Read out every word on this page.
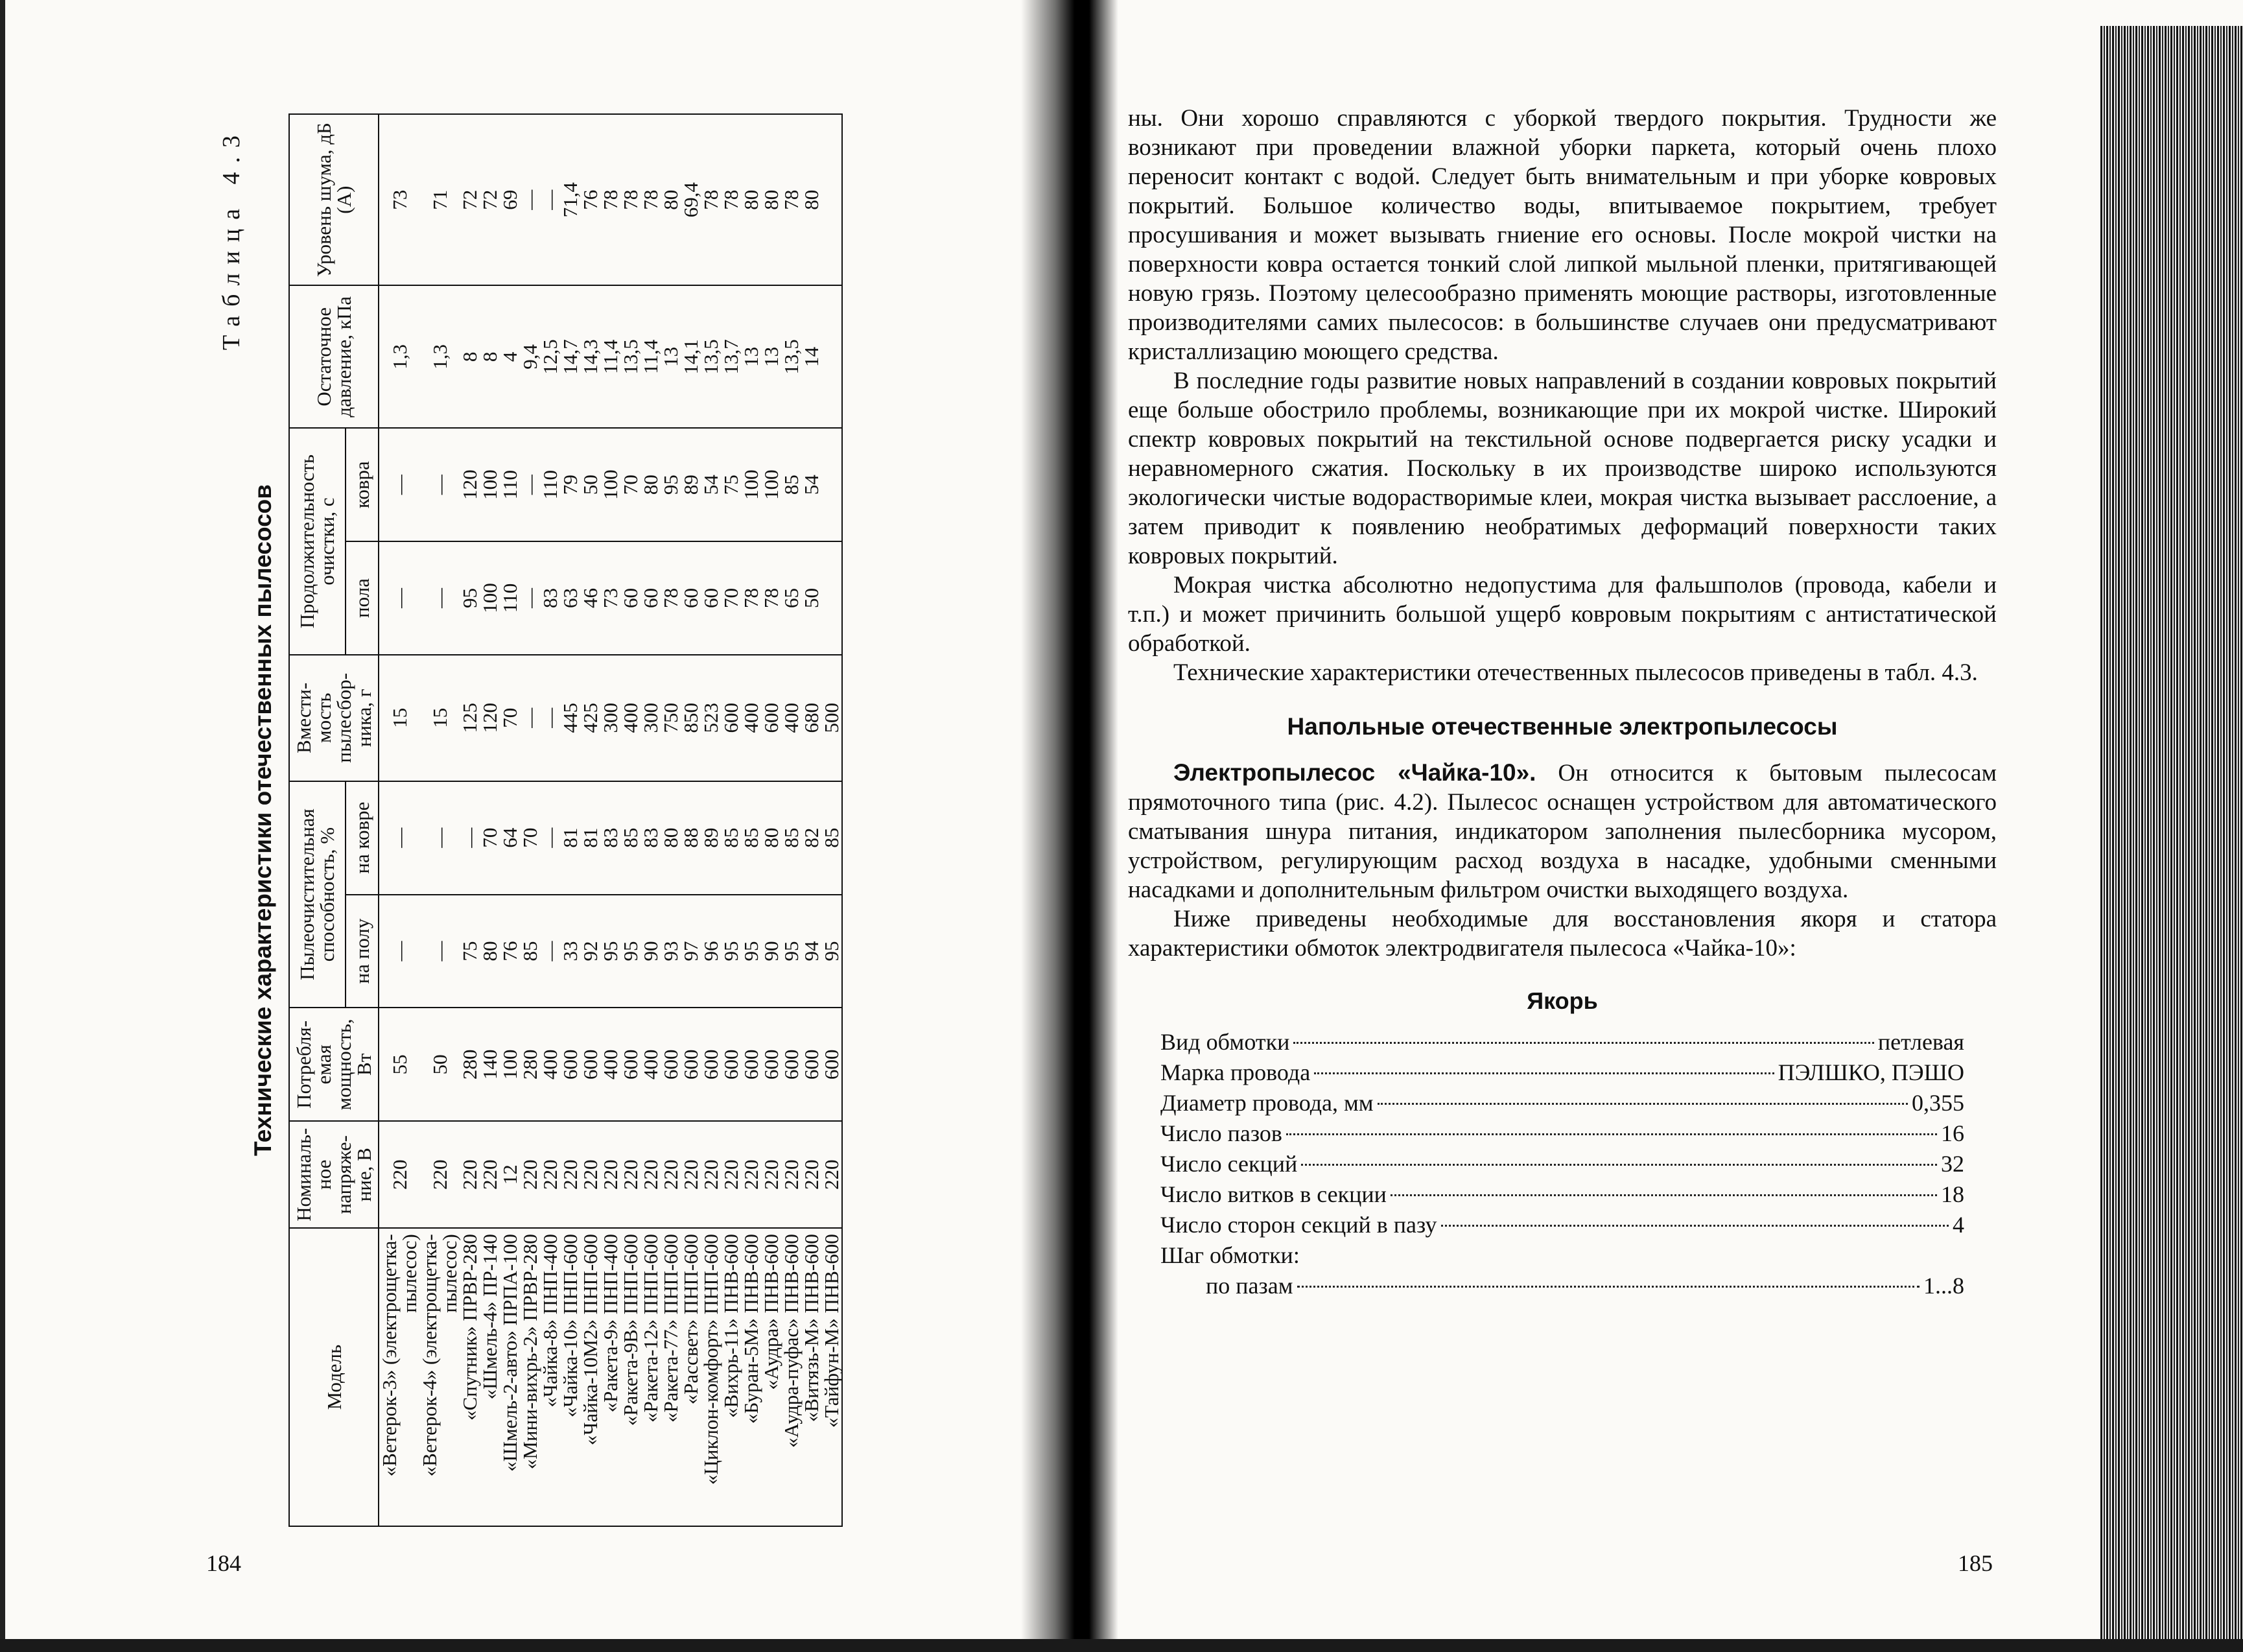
184
Таблица 4.3
Технические характеристики отечественных пылесосов
Модель	Номиналь-ное напряже-ние, В	Потребля-емая мощность, Вт	Пылеочистительная способность, %		Вмести-мость пылесбор-ника, г	Продолжительность очистки, с		Остаточное давление, кПа	Уровень шума, дБ (А)
			на полу	на ковре		пола	ковра		
«Ветерок-3» (электрощетка-пылесос)	220	55	—	—	15	—	—	1,3	73
«Ветерок-4» (электрощетка-пылесос)	220	50	—	—	15	—	—	1,3	71
«Спутник» ПРВР-280	220	280	75	—	125	95	120	8	72
«Шмель-4» ПР-140	220	140	80	70	120	100	100	8	72
«Шмель-2-авто» ПРПА-100	12	100	76	64	70	110	110	4	69
«Мини-вихрь-2» ПРВР-280	220	280	85	70	—	—	—	9,4	—
«Чайка-8» ПНП-400	220	400	—	—	—	83	110	12,5	—
«Чайка-10» ПНП-600	220	600	33	81	445	63	79	14,7	71,4
«Чайка-10М2» ПНП-600	220	600	92	81	425	46	50	14,3	76
«Ракета-9» ПНП-400	220	400	95	83	300	73	100	11,4	78
«Ракета-9В» ПНП-600	220	600	95	85	400	60	70	13,5	78
«Ракета-12» ПНП-600	220	400	90	83	300	60	80	11,4	78
«Ракета-77» ПНП-600	220	600	93	80	750	78	95	13	80
«Рассвет» ПНП-600	220	600	97	88	850	60	89	14,1	69,4
«Циклон-комфорт» ПНП-600	220	600	96	89	523	60	54	13,5	78
«Вихрь-11» ПНВ-600	220	600	95	85	600	70	75	13,7	78
«Буран-5М» ПНВ-600	220	600	95	85	400	78	100	13	80
«Аудра» ПНВ-600	220	600	90	80	600	78	100	13	80
«Аудра-пуфас» ПНВ-600	220	600	95	85	400	65	85	13,5	78
«Витязь-М» ПНВ-600	220	600	94	82	680	50	54	14	80
«Тайфун-М» ПНВ-600	220	600	95	85	500				

ны. Они хорошо справляются с уборкой твердого покрытия. Трудности же возникают при проведении влажной уборки паркета, который очень плохо переносит контакт с водой. Следует быть внимательным и при уборке ковровых покрытий. Большое количество воды, впитываемое покрытием, требует просушивания и может вызывать гниение его основы. После мокрой чистки на поверхности ковра остается тонкий слой липкой мыльной пленки, притягивающей новую грязь. Поэтому целесообразно применять моющие растворы, изготовленные производителями самих пылесосов: в большинстве случаев они предусматривают кристаллизацию моющего средства.

В последние годы развитие новых направлений в создании ковровых покрытий еще больше обострило проблемы, возникающие при их мокрой чистке. Широкий спектр ковровых покрытий на текстильной основе подвергается риску усадки и неравномерного сжатия. Поскольку в их производстве широко используются экологически чистые водорастворимые клеи, мокрая чистка вызывает расслоение, а затем приводит к появлению необратимых деформаций поверхности таких ковровых покрытий.

Мокрая чистка абсолютно недопустима для фальшполов (провода, кабели и т.п.) и может причинить большой ущерб ковровым покрытиям с антистатической обработкой.

Технические характеристики отечественных пылесосов приведены в табл. 4.3.

Напольные отечественные электропылесосы

Электропылесос «Чайка-10». Он относится к бытовым пылесосам прямоточного типа (рис. 4.2). Пылесос оснащен устройством для автоматического сматывания шнура питания, индикатором заполнения пылесборника мусором, устройством, регулирующим расход воздуха в насадке, удобными сменными насадками и дополнительным фильтром очистки выходящего воздуха.

Ниже приведены необходимые для восстановления якоря и статора характеристики обмоток электродвигателя пылесоса «Чайка-10»:

Якорь
Вид обмотки	петлевая
Марка провода	ПЭЛШКО, ПЭШО
Диаметр провода, мм	0,355
Число пазов	16
Число секций	32
Число витков в секции	18
Число сторон секций в пазу	4
Шаг обмотки:
по пазам	1...8
185
